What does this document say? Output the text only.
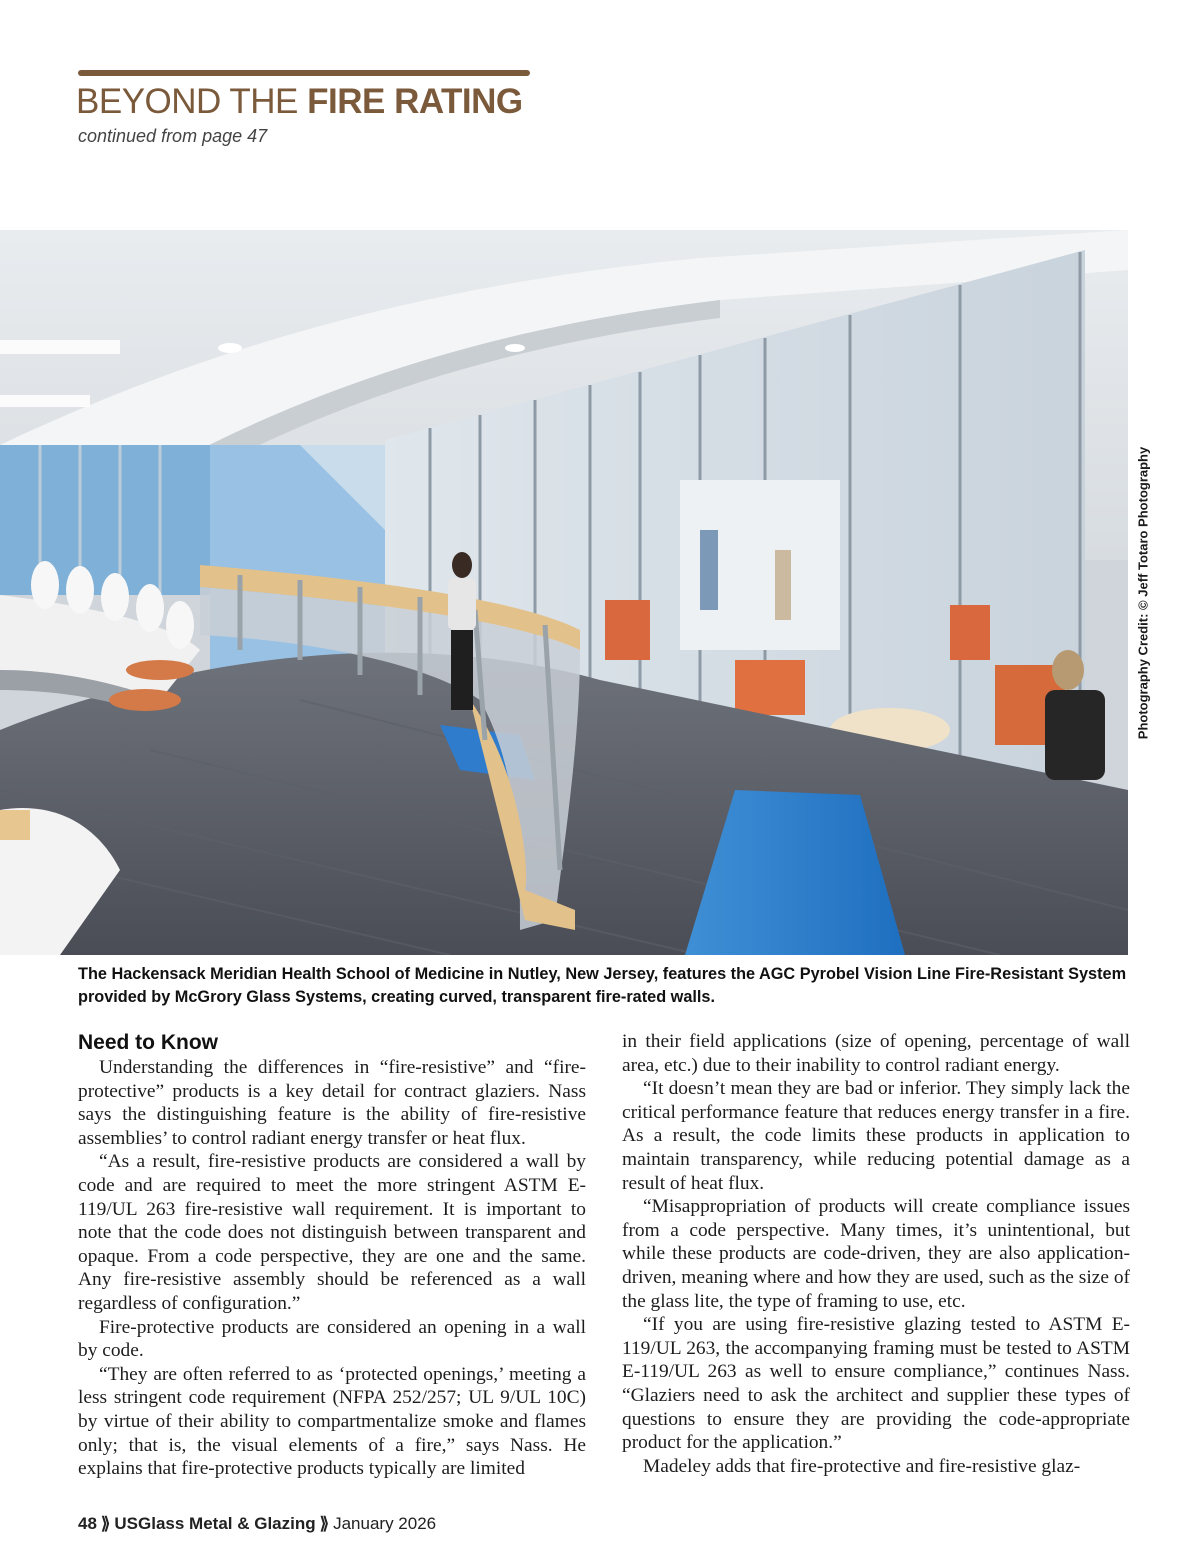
BEYOND THE FIRE RATING
continued from page 47
Photography Credit: © Jeff Totaro Photography

The Hackensack Meridian Health School of Medicine in Nutley, New Jersey, features the AGC Pyrobel Vision Line Fire-Resistant System provided by McGrory Glass Systems, creating curved, transparent fire-rated walls.

Need to Know

Understanding the differences in “fire-resistive” and “fire-protective” products is a key detail for contract glaziers. Nass says the distinguishing feature is the ability of fire-resistive assemblies’ to control radiant energy transfer or heat flux.

“As a result, fire-resistive products are considered a wall by code and are required to meet the more stringent ASTM E-119/UL 263 fire-resistive wall requirement. It is important to note that the code does not distinguish between transparent and opaque. From a code perspective, they are one and the same. Any fire-resistive assembly should be referenced as a wall regardless of configuration.”

Fire-protective products are considered an opening in a wall by code.

“They are often referred to as ‘protected openings,’ meeting a less stringent code requirement (NFPA 252/257; UL 9/UL 10C) by virtue of their ability to compartmentalize smoke and flames only; that is, the visual elements of a fire,” says Nass. He explains that fire-protective products typically are limited

in their field applications (size of opening, percentage of wall area, etc.) due to their inability to control radiant energy.

“It doesn’t mean they are bad or inferior. They simply lack the critical performance feature that reduces energy transfer in a fire. As a result, the code limits these products in application to maintain transparency, while reducing potential damage as a result of heat flux.

“Misappropriation of products will create compliance issues from a code perspective. Many times, it’s unintentional, but while these products are code-driven, they are also application-driven, meaning where and how they are used, such as the size of the glass lite, the type of framing to use, etc.

“If you are using fire-resistive glazing tested to ASTM E-119/UL 263, the accompanying framing must be tested to ASTM E-119/UL 263 as well to ensure compliance,” continues Nass. “Glaziers need to ask the architect and supplier these types of questions to ensure they are providing the code-appropriate product for the application.”

Madeley adds that fire-protective and fire-resistive glaz-

48 ⟫ USGlass Metal & Glazing ⟫ January 2026
